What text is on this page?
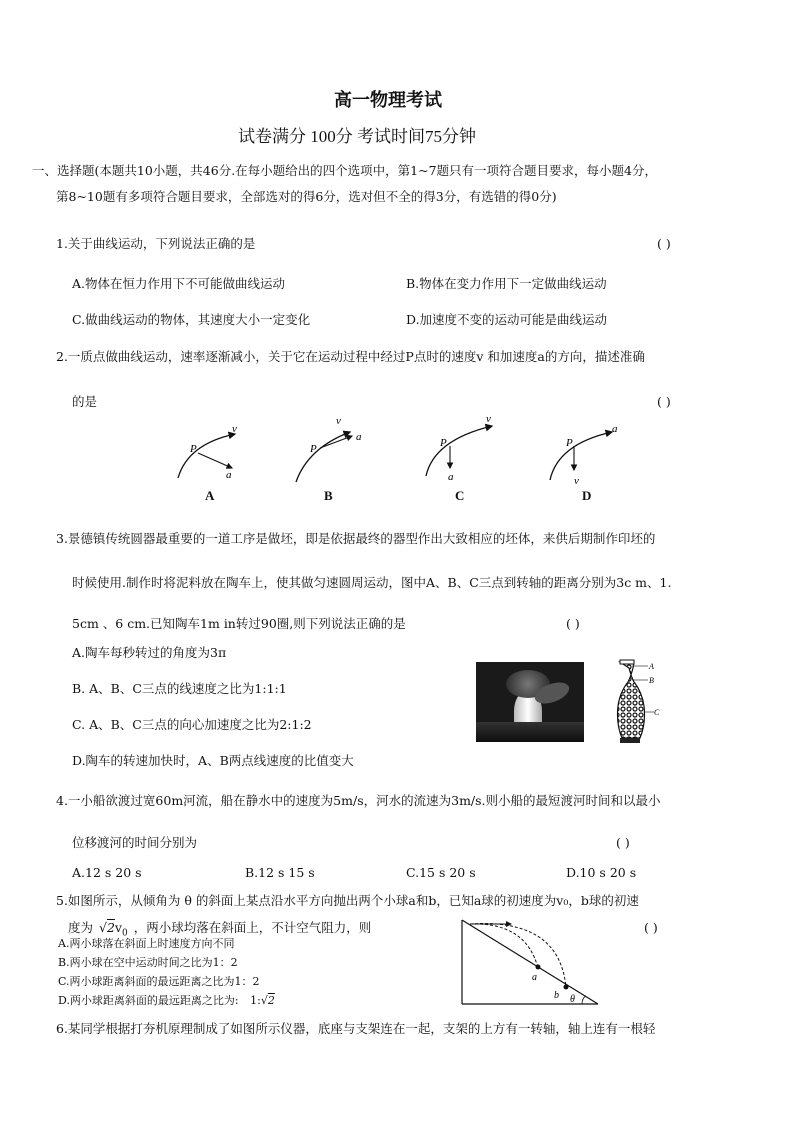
高一物理考试
试卷满分 100分 考试时间75分钟
一、选择题(本题共10小题，共46分.在每小题给出的四个选项中，第1~7题只有一项符合题目要求，每小题4分，
第8~10题有多项符合题目要求，全部选对的得6分，选对但不全的得3分，有选错的得0分)
1.关于曲线运动，下列说法正确的是	( )
A.物体在恒力作用下不可能做曲线运动	B.物体在变力作用下一定做曲线运动
C.做曲线运动的物体，其速度大小一定变化	D.加速度不变的运动可能是曲线运动
2.一质点做曲线运动，速率逐渐减小，关于它在运动过程中经过P点时的速度v 和加速度a的方向，描述准确
的是	( )
P
v
a
P
v
a	P
v
a
P
a
v
A	B	C	D
3.景德镇传统圆器最重要的一道工序是做坯，即是依据最终的器型作出大致相应的坯体，来供后期制作印坯的
时候使用.制作时将泥料放在陶车上，使其做匀速圆周运动，图中A、B、C三点到转轴的距离分别为3c m、1.
5cm 、6 cm.已知陶车1m in转过90圈,则下列说法正确的是	( )
A.陶车每秒转过的角度为3π
B. A、B、C三点的线速度之比为1:1:1
C. A、B、C三点的向心加速度之比为2:1:2
D.陶车的转速加快时，A、B两点线速度的比值变大
A
B
C
4.一小船欲渡过宽60m河流，船在静水中的速度为5m/s，河水的流速为3m/s.则小船的最短渡河时间和以最小
位移渡河的时间分别为	( )
A.12 s 20 s	B.12 s 15 s	C.15 s 20 s	D.10 s 20 s
5.如图所示，从倾角为 θ 的斜面上某点沿水平方向抛出两个小球a和b，已知a球的初速度为v₀，b球的初速
度为 $√2v_0$ ，两小球均落在斜面上，不计空气阻力，则	( )
A.两小球落在斜面上时速度方向不同
B.两小球在空中运动时间之比为1：2
C.两小球距离斜面的最远距离之比为1：2
D.两小球距离斜面的最远距离之比为: 1:√2
a
b θ
6.某同学根据打夯机原理制成了如图所示仪器，底座与支架连在一起，支架的上方有一转轴，轴上连有一根轻
